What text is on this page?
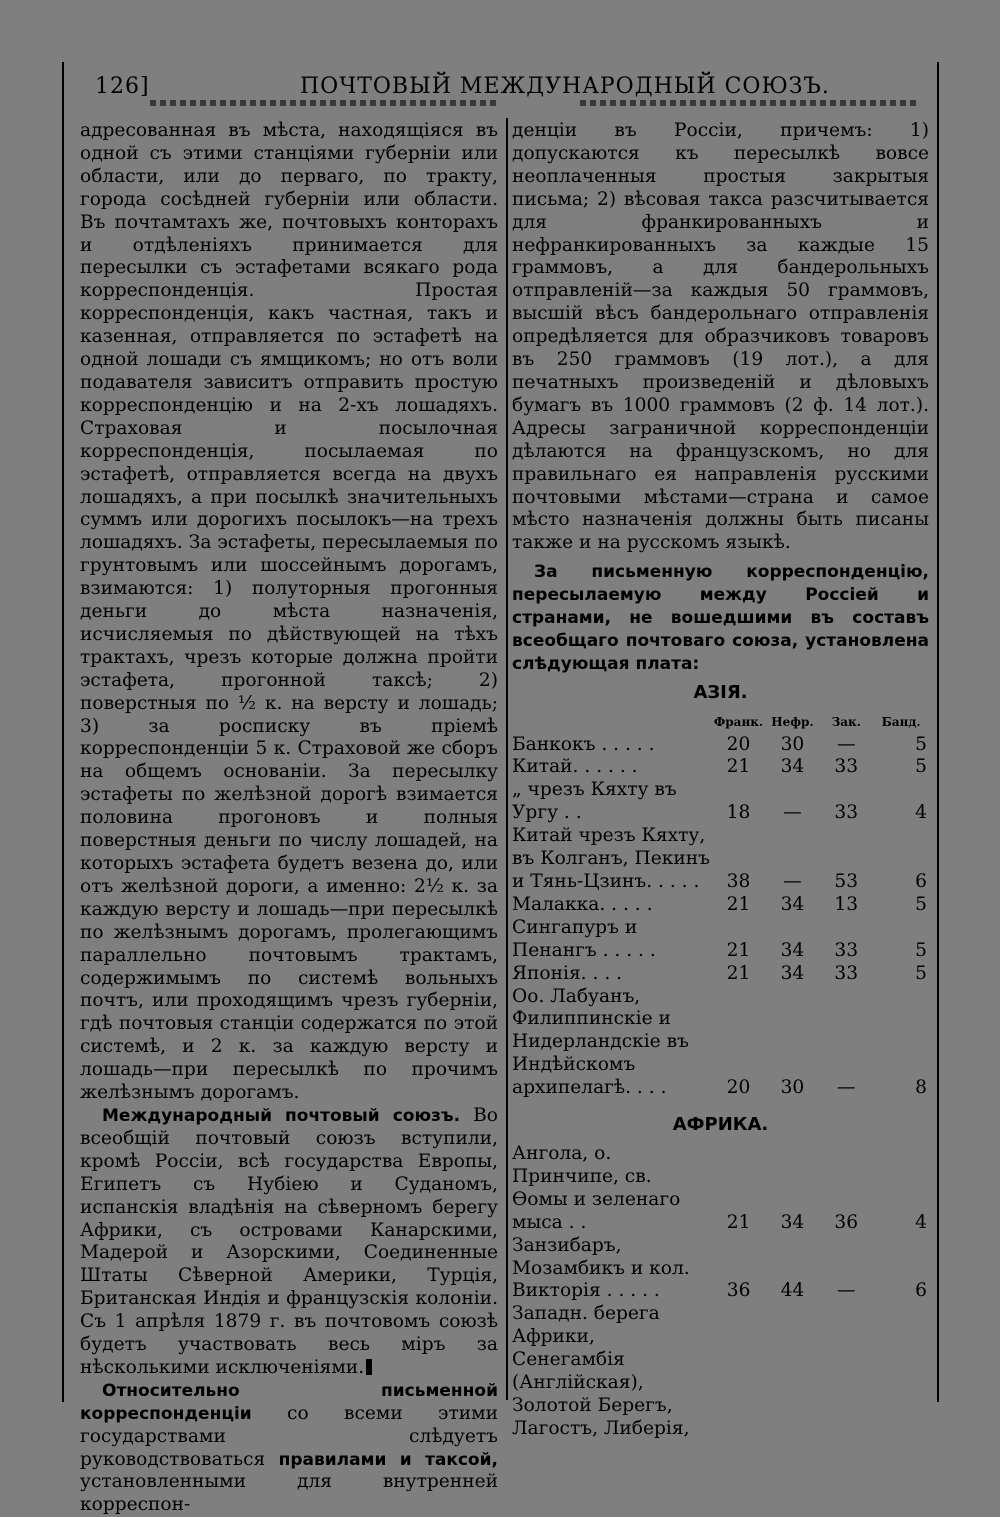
126]	ПОЧТОВЫЙ МЕЖДУНАРОДНЫЙ СОЮЗЪ.

адресованная въ мѣста, находящіяся въ одной съ этими станціями губерніи или области, или до перваго, по тракту, города сосѣдней губерніи или области. Въ почтамтахъ же, почтовыхъ конторахъ и отдѣленіяхъ принимается для пересылки съ эстафетами всякаго рода корреспонденція. Простая корреспонденція, какъ частная, такъ и казенная, отправляется по эстафетѣ на одной лошади съ ямщикомъ; но отъ воли подавателя зависитъ отправить простую корреспонденцію и на 2-хъ лошадяхъ. Страховая и посылочная корреспонденція, посылаемая по эстафетѣ, отправляется всегда на двухъ лошадяхъ, а при посылкѣ значительныхъ суммъ или дорогихъ посылокъ—на трехъ лошадяхъ. За эстафеты, пересылаемыя по грунтовымъ или шоссейнымъ дорогамъ, взимаются: 1) полуторныя прогонныя деньги до мѣста назначенія, исчисляемыя по дѣйствующей на тѣхъ трактахъ, чрезъ которые должна пройти эстафета, прогонной таксѣ; 2) поверстныя по ½ к. на версту и лошадь; 3) за росписку въ пріемѣ корреспонденціи 5 к. Страховой же сборъ на общемъ основаніи. За пересылку эстафеты по желѣзной дорогѣ взимается половина прогоновъ и полныя поверстныя деньги по числу лошадей, на которыхъ эстафета будетъ везена до, или отъ желѣзной дороги, а именно: 2½ к. за каждую версту и лошадь—при пересылкѣ по желѣзнымъ дорогамъ, пролегающимъ параллельно почтовымъ трактамъ, содержимымъ по системѣ вольныхъ почтъ, или проходящимъ чрезъ губерніи, гдѣ почтовыя станціи содержатся по этой системѣ, и 2 к. за каждую версту и лошадь—при пересылкѣ по прочимъ желѣзнымъ дорогамъ.

Международный почтовый союзъ. Во всеобщій почтовый союзъ вступили, кромѣ Россіи, всѣ государства Европы, Египетъ съ Нубіею и Суданомъ, испанскія владѣнія на сѣверномъ берегу Африки, съ островами Канарскими, Мадерой и Азорскими, Соединенные Штаты Сѣверной Америки, Турція, Британская Индія и французскія колоніи. Съ 1 апрѣля 1879 г. въ почтовомъ союзѣ будетъ участвовать весь міръ за нѣсколькими исключеніями.

Относительно письменной корреспонденціи со всеми этими государствами слѣдуетъ руководствоваться правилами и таксой, установленными	для внутренней корреспон-

денціи въ Россіи, причемъ: 1) допускаются къ пересылкѣ вовсе неоплаченныя простыя закрытыя письма; 2) вѣсовая такса разсчитывается для франкированныхъ и нефранкированныхъ за каждые 15 граммовъ, а для бандерольныхъ отправленій—за каждыя 50 граммовъ, высшій вѣсъ бандерольнаго отправленія опредѣляется для образчиковъ товаровъ въ 250 граммовъ (19 лот.), а для печатныхъ произведеній и дѣловыхъ бумагъ въ 1000 граммовъ (2 ф. 14 лот.). Адресы заграничной корреспонденціи дѣлаются на французскомъ, но для правильнаго ея направленія русскими почтовыми мѣстами—страна и самое мѣсто назначенія должны быть писаны также и на русскомъ языкѣ.

За письменную корреспонденцію, пересылаемую между Россіей и странами, не вошедшими въ составъ всеобщаго почтоваго союза, установлена слѣдующая плата:

АЗІЯ.
	Франк.	Нефр.	Зак.	Банд.
Банкокъ . . . . .	20	30	—	5
Китай. . . . . .	21	34	33	5
„ чрезъ Кяхту въ Ургу . .	18	—	33	4
Китай чрезъ Кяхту, въ Колганъ, Пекинъ и Тянь-Цзинъ. . . . .	38	—	53	6
Малакка. . . . .	21	34	13	5
Сингапуръ и Пенангъ . . . . .	21	34	33	5
Японія. . . .	21	34	33	5
Оо. Лабуанъ, Филиппинскіе и Нидерландскіе въ Индѣйскомъ архипелагѣ. . . .	20	30	—	8
АФРИКА.
Ангола, о. Принчипе, св. Ѳомы и зеленаго мыса . .	21	34	36	4
Занзибаръ, Мозамбикъ и кол. Викторія . . . . .	36	44	—	6
Западн. берега Африки, Сенегамбія (Англійская), Золотой Берегъ, Лагостъ, Либерія,				
